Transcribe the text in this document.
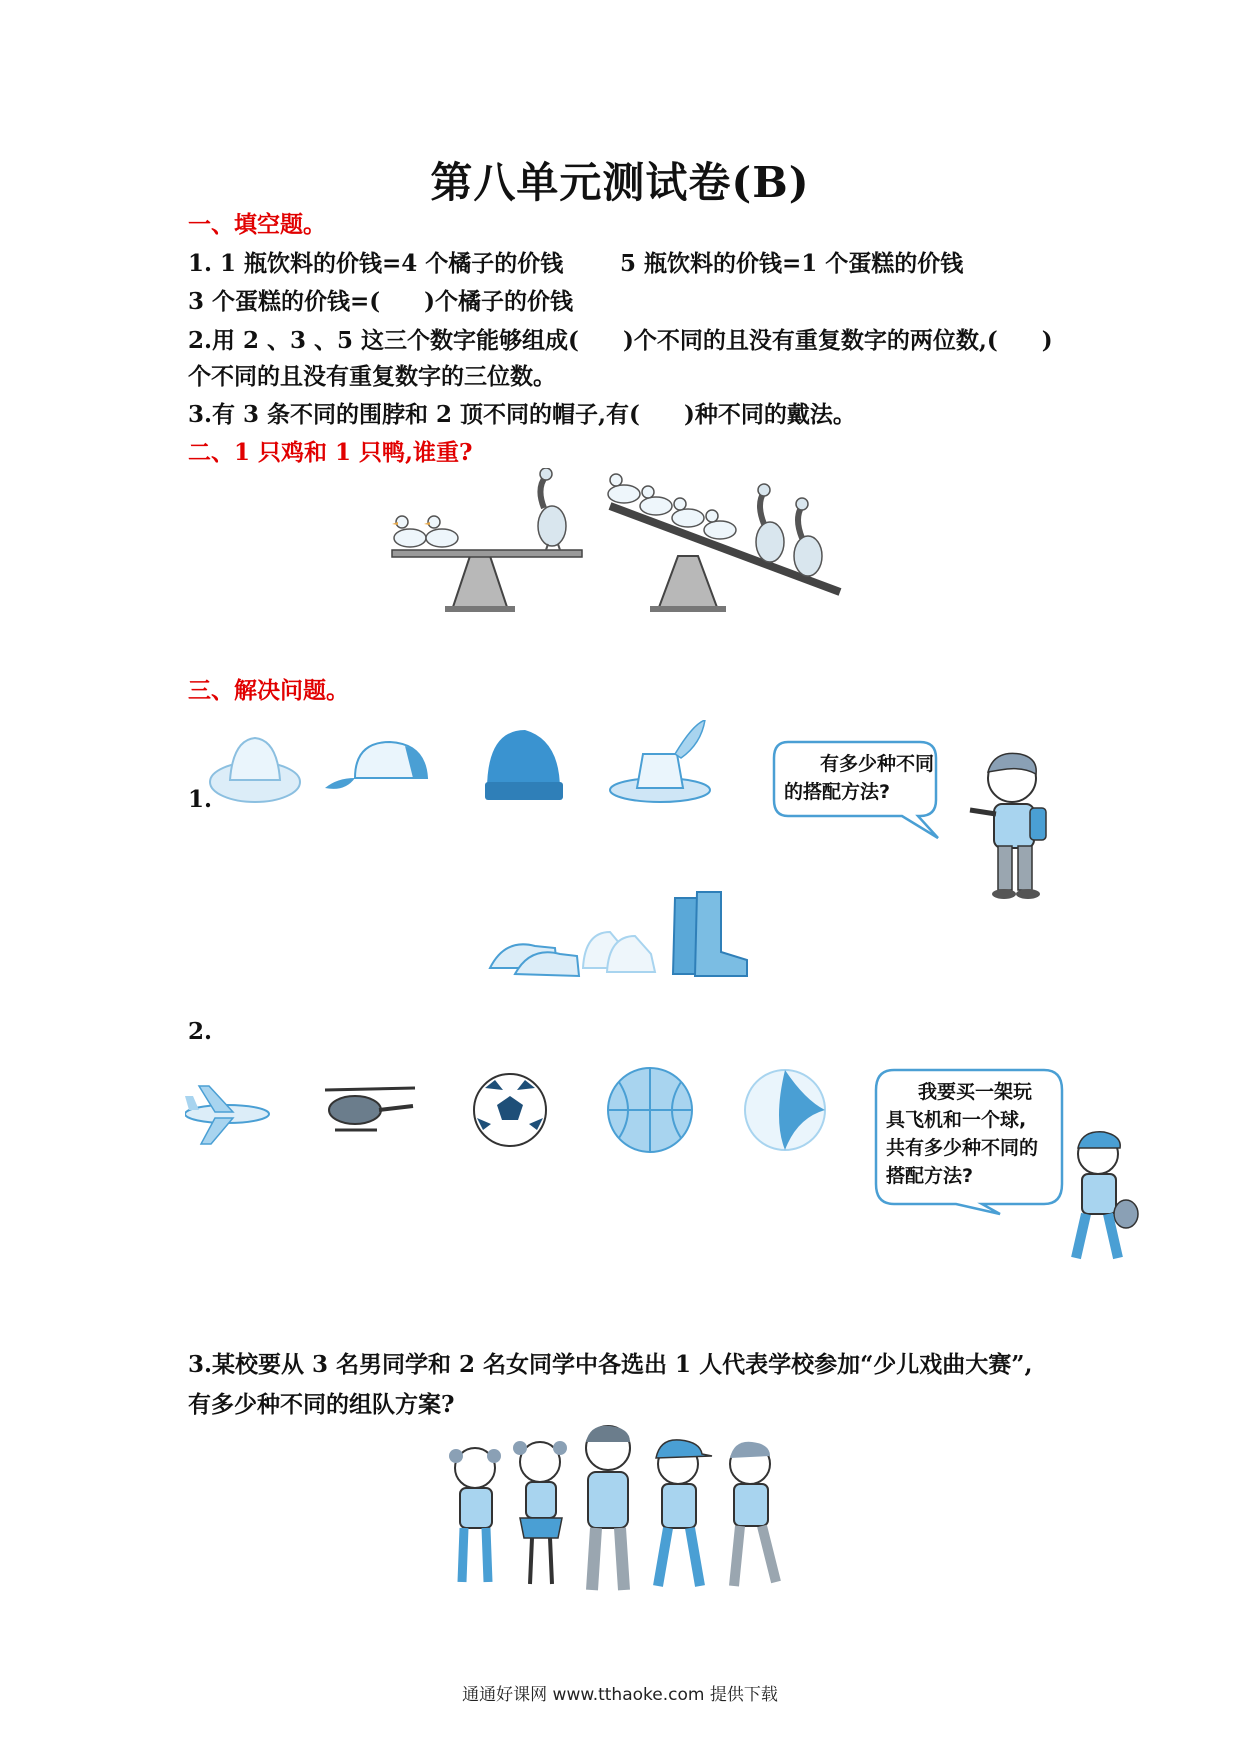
第八单元测试卷(B)
一、填空题。
1. 1 瓶饮料的价钱=4 个橘子的价钱 5 瓶饮料的价钱=1 个蛋糕的价钱
3 个蛋糕的价钱=( )个橘子的价钱
2.用 2 、3 、5 这三个数字能够组成( )个不同的且没有重复数字的两位数,( )
个不同的且没有重复数字的三位数。
3.有 3 条不同的围脖和 2 顶不同的帽子,有( )种不同的戴法。
二、1 只鸡和 1 只鸭,谁重?
三、解决问题。
1.
有多少种不同
的搭配方法?
2.
我要买一架玩
具飞机和一个球,
共有多少种不同的
搭配方法?
3.某校要从 3 名男同学和 2 名女同学中各选出 1 人代表学校参加“少儿戏曲大赛”,
有多少种不同的组队方案?
通通好课网 www.tthaoke.com 提供下载
